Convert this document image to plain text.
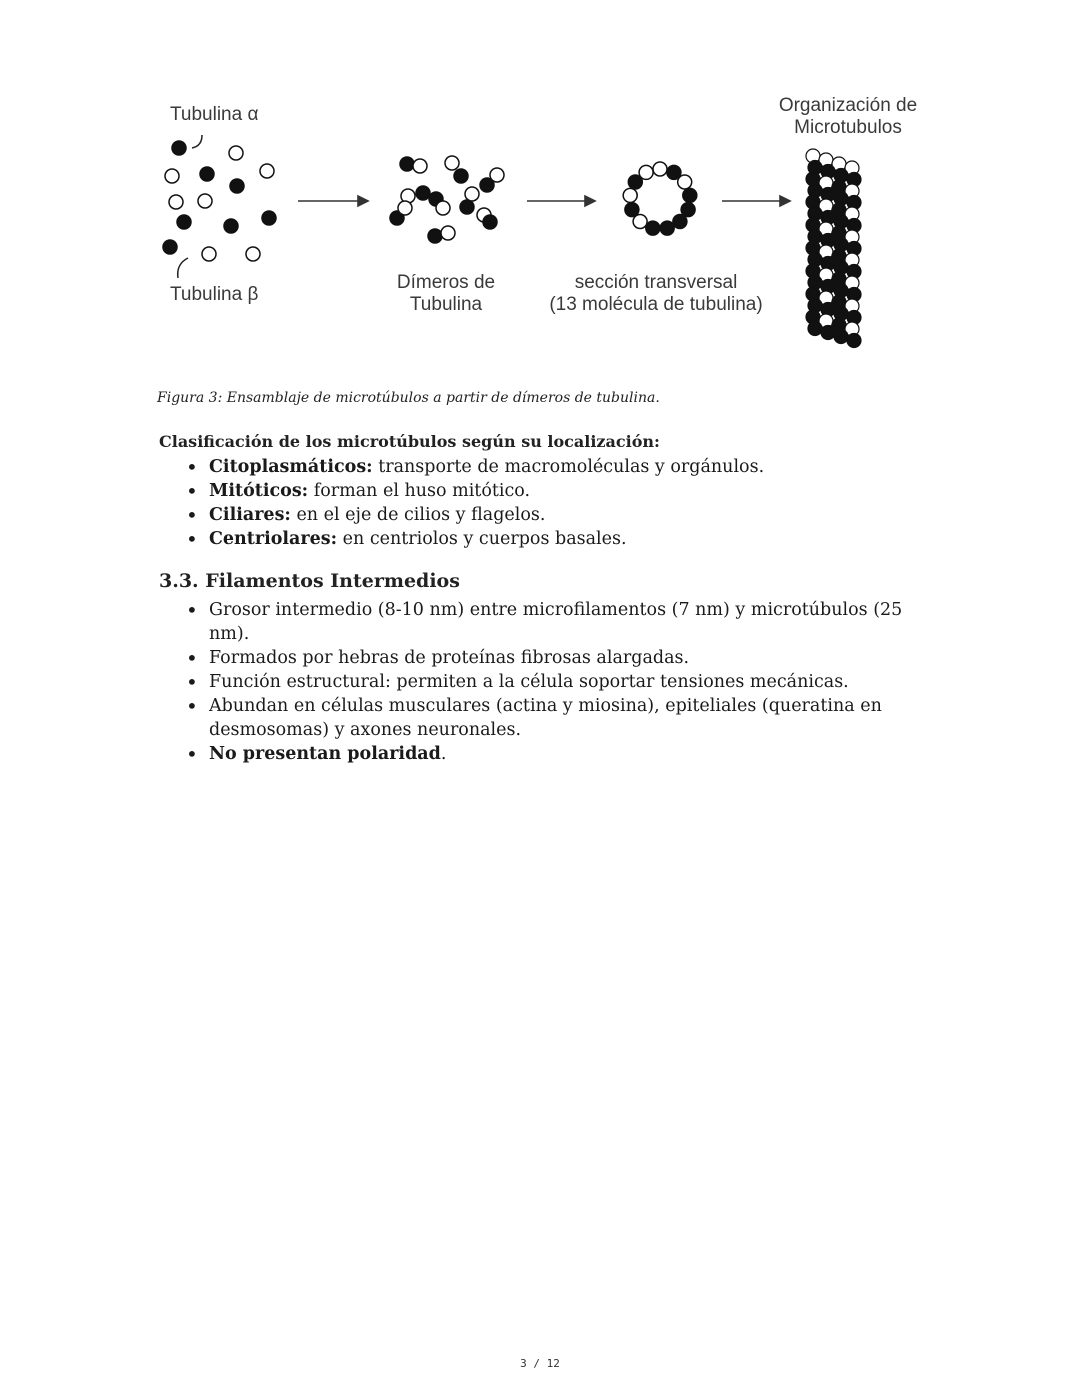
Tubulina α
Tubulina β
Dímeros de
Tubulina
sección transversal
(13 molécula de tubulina)
Organización de
Microtubulos

Figura 3: Ensamblaje de microtúbulos a partir de dímeros de tubulina.

Clasificación de los microtúbulos según su localización:

• Citoplasmáticos: transporte de macromoléculas y orgánulos.
• Mitóticos: forman el huso mitótico.
• Ciliares: en el eje de cilios y flagelos.
• Centriolares: en centriolos y cuerpos basales.
3.3. Filamentos Intermedios
• Grosor intermedio (8-10 nm) entre microfilamentos (7 nm) y microtúbulos (25 nm).
• Formados por hebras de proteínas fibrosas alargadas.
• Función estructural: permiten a la célula soportar tensiones mecánicas.
• Abundan en células musculares (actina y miosina), epiteliales (queratina en desmosomas) y axones neuronales.
• No presentan polaridad.
3 / 12
